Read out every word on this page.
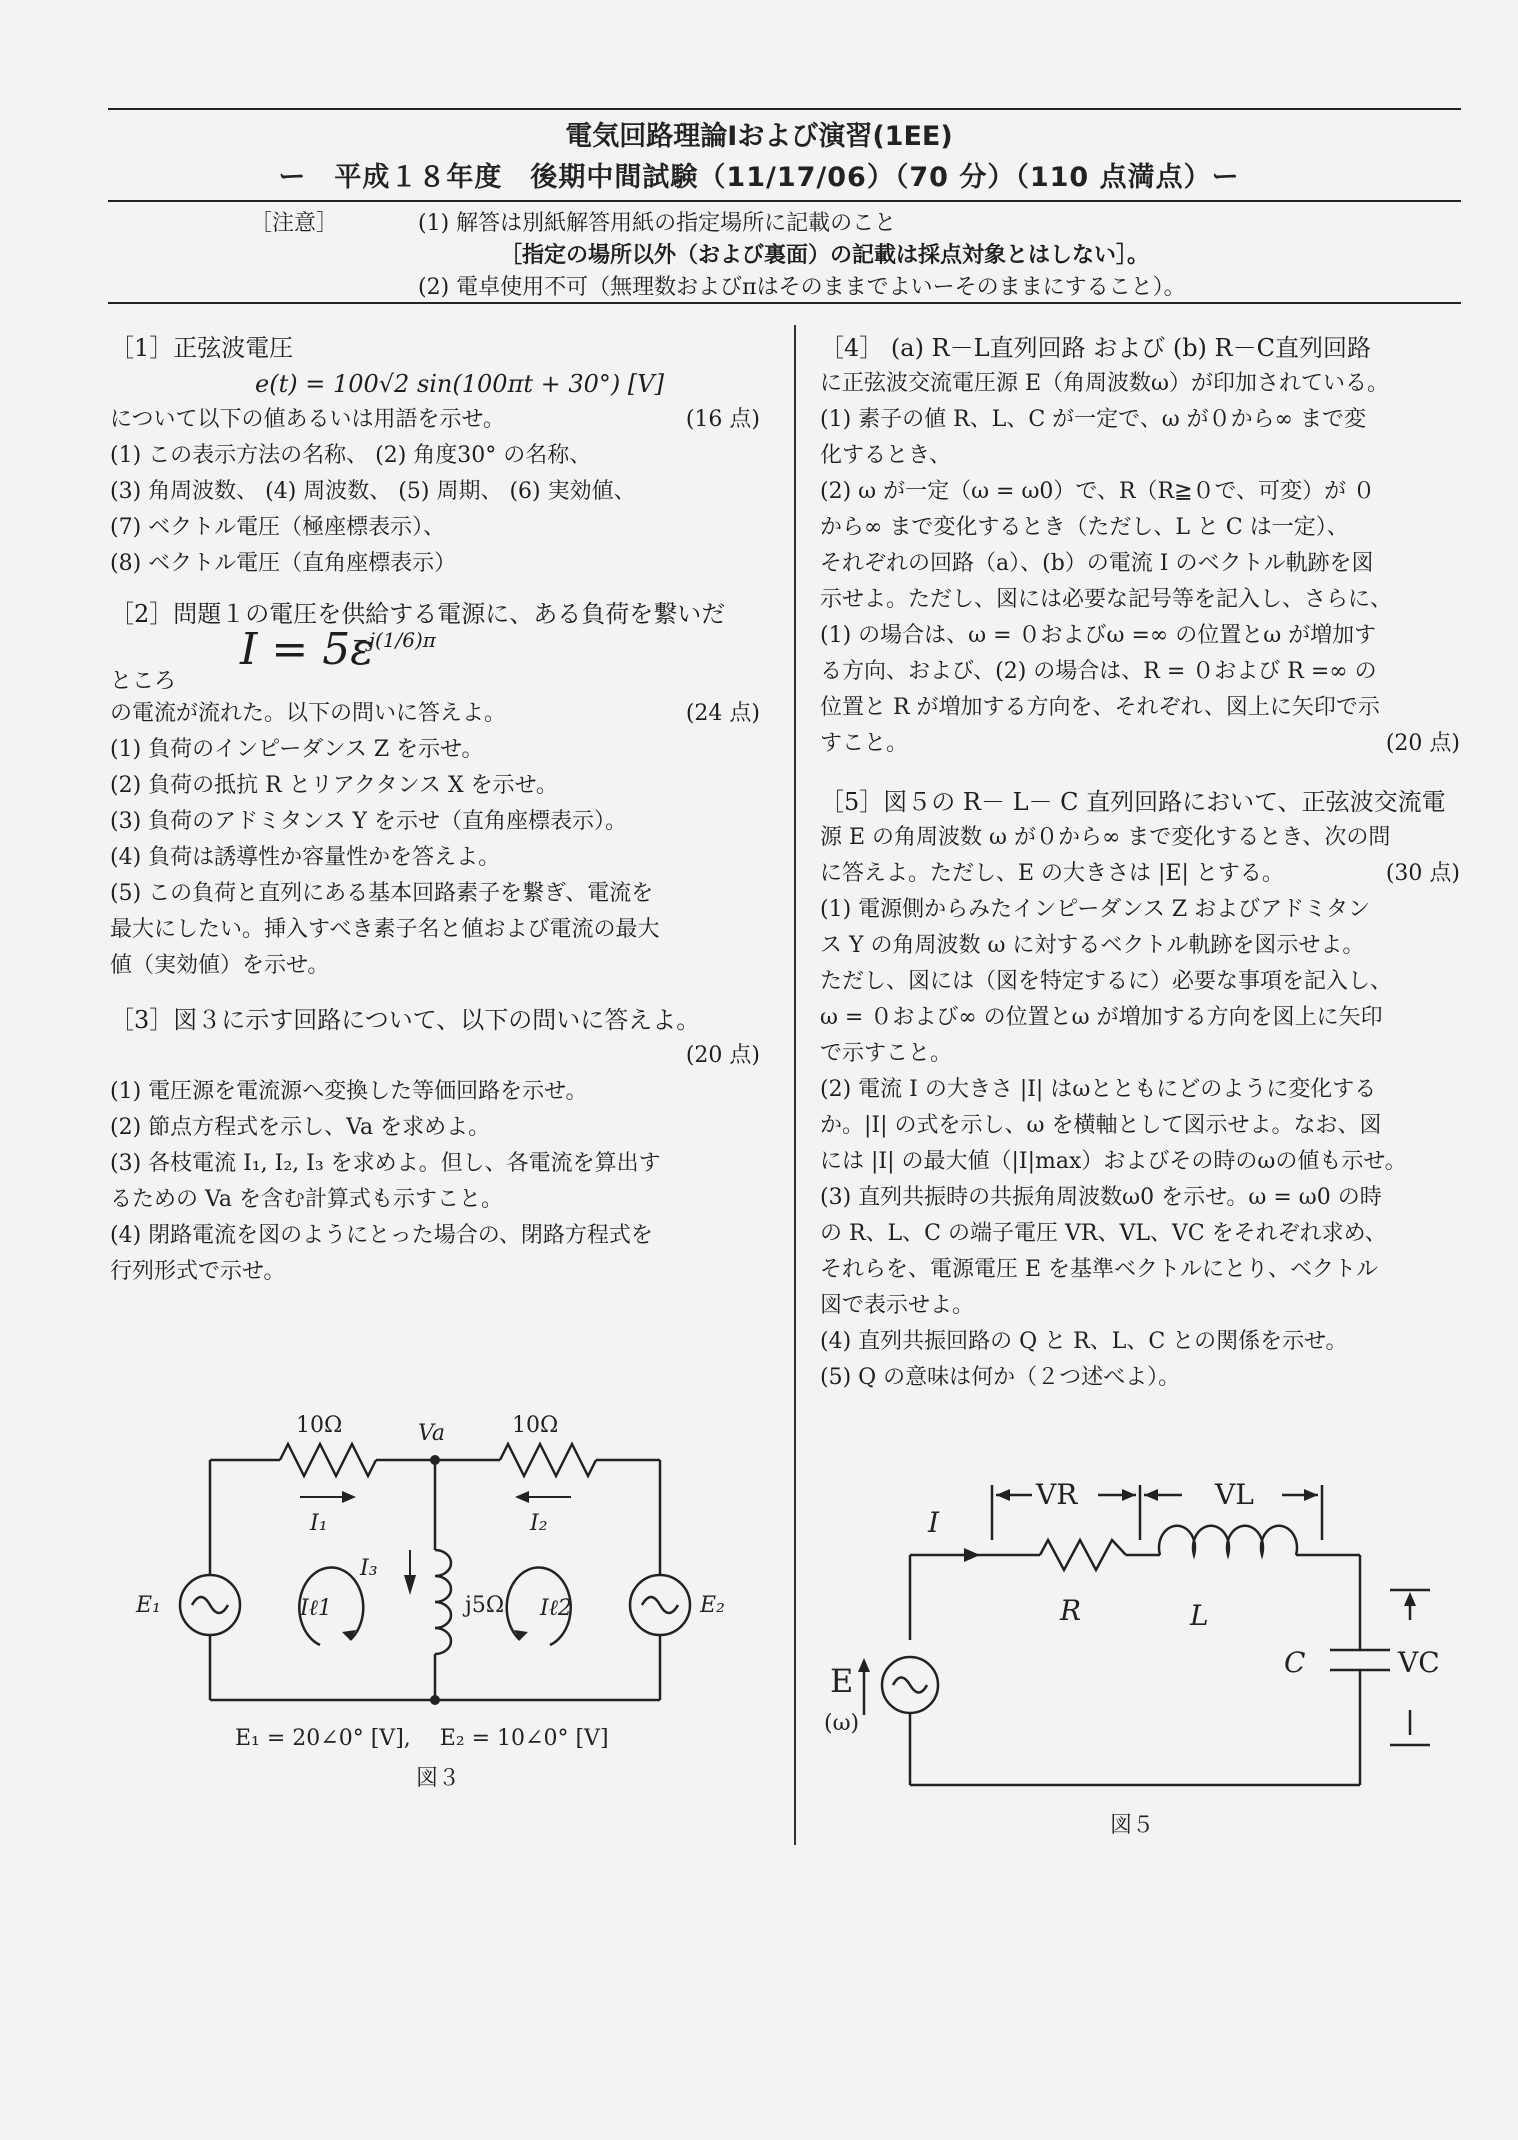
電気回路理論Ⅰおよび演習(1EE)
ー　平成１８年度　後期中間試験（11/17/06）（70 分）（110 点満点）ー
［注意］	(1) 解答は別紙解答用紙の指定場所に記載のこと
［指定の場所以外（および裏面）の記載は採点対象とはしない］。
(2) 電卓使用不可（無理数およびπはそのままでよいーそのままにすること）。

［1］正弦波電圧

e(t) = 100√2 sin(100πt + 30°) [V]

について以下の値あるいは用語を示せ。	(16 点)

(1) この表示方法の名称、 (2) 角度30° の名称、

(3) 角周波数、 (4) 周波数、 (5) 周期、 (6) 実効値、

(7) ベクトル電圧（極座標表示）、

(8) ベクトル電圧（直角座標表示）

［2］問題１の電圧を供給する電源に、ある負荷を繋いだ

ところ
I = 5ε
−j(1/6)π

の電流が流れた。以下の問いに答えよ。	(24 点)

(1) 負荷のインピーダンス Z を示せ。

(2) 負荷の抵抗 R とリアクタンス X を示せ。

(3) 負荷のアドミタンス Y を示せ（直角座標表示）。

(4) 負荷は誘導性か容量性かを答えよ。

(5) この負荷と直列にある基本回路素子を繋ぎ、電流を

最大にしたい。挿入すべき素子名と値および電流の最大

値（実効値）を示せ。

［3］図３に示す回路について、以下の問いに答えよ。

(20 点)

(1) 電圧源を電流源へ変換した等価回路を示せ。

(2) 節点方程式を示し、Va を求めよ。

(3) 各枝電流 I₁, I₂, I₃ を求めよ。但し、各電流を算出す

るための Va を含む計算式も示すこと。

(4) 閉路電流を図のようにとった場合の、閉路方程式を

行列形式で示せ。

10Ω	10Ω
Va
I₁	I₂
I₃
Iℓ1	Iℓ2
E₁	E₂
j5Ω
E₁ = 20∠0° [V],　 E₂ = 10∠0° [V]
図３

［4］ (a) R－L直列回路 および (b) R－C直列回路

に正弦波交流電圧源 E（角周波数ω）が印加されている。

(1) 素子の値 R、L、C が一定で、ω が０から∞ まで変

化するとき、

(2) ω が一定（ω = ω0）で、R（R≧０で、可変）が ０

から∞ まで変化するとき（ただし、L と C は一定）、

それぞれの回路（a）、(b）の電流 I のベクトル軌跡を図

示せよ。ただし、図には必要な記号等を記入し、さらに、

(1) の場合は、ω = ０およびω =∞ の位置とω が増加す

る方向、および、(2) の場合は、R = ０および R =∞ の

位置と R が増加する方向を、それぞれ、図上に矢印で示

すこと。	(20 点)

［5］図５の R－ L－ C 直列回路において、正弦波交流電

源 E の角周波数 ω が０から∞ まで変化するとき、次の問

に答えよ。ただし、E の大きさは |E| とする。	(30 点)

(1) 電源側からみたインピーダンス Z およびアドミタン

ス Y の角周波数 ω に対するベクトル軌跡を図示せよ。

ただし、図には（図を特定するに）必要な事項を記入し、

ω = ０および∞ の位置とω が増加する方向を図上に矢印

で示すこと。

(2) 電流 I の大きさ |I| はωとともにどのように変化する

か。|I| の式を示し、ω を横軸として図示せよ。なお、図

には |I| の最大値（|I|max）およびその時のωの値も示せ。

(3) 直列共振時の共振角周波数ω0 を示せ。ω = ω0 の時

の R、L、C の端子電圧 VR、VL、VC をそれぞれ求め、

それらを、電源電圧 E を基準ベクトルにとり、ベクトル

図で表示せよ。

(4) 直列共振回路の Q と R、L、C との関係を示せ。

(5) Q の意味は何か（２つ述べよ）。

I
VR	VL
R	L
C	VC
E
(ω)
図５
